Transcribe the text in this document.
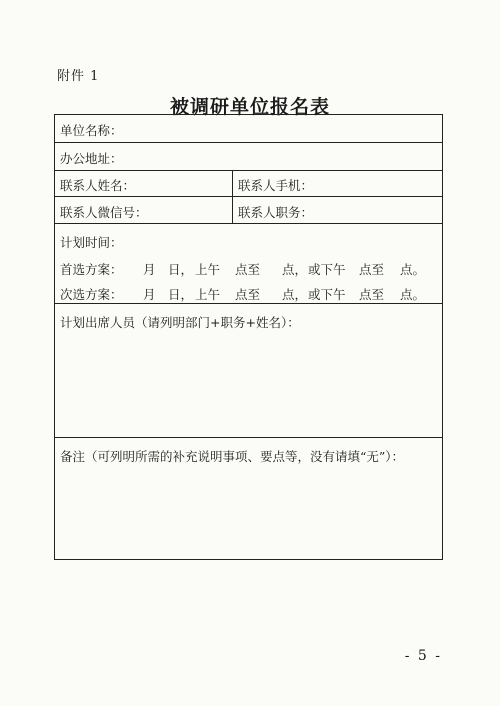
附件 1
被调研单位报名表
单位名称：
办公地址：
联系人姓名：	联系人手机：
联系人微信号：	联系人职务：
计划时间：
首选方案： 月 日， 上午 点至 点， 或下午 点至 点。
次选方案： 月 日， 上午 点至 点， 或下午 点至 点。
计划出席人员（请列明部门+职务+姓名）：
备注（可列明所需的补充说明事项、要点等，没有请填“无”）：
- 5 -
